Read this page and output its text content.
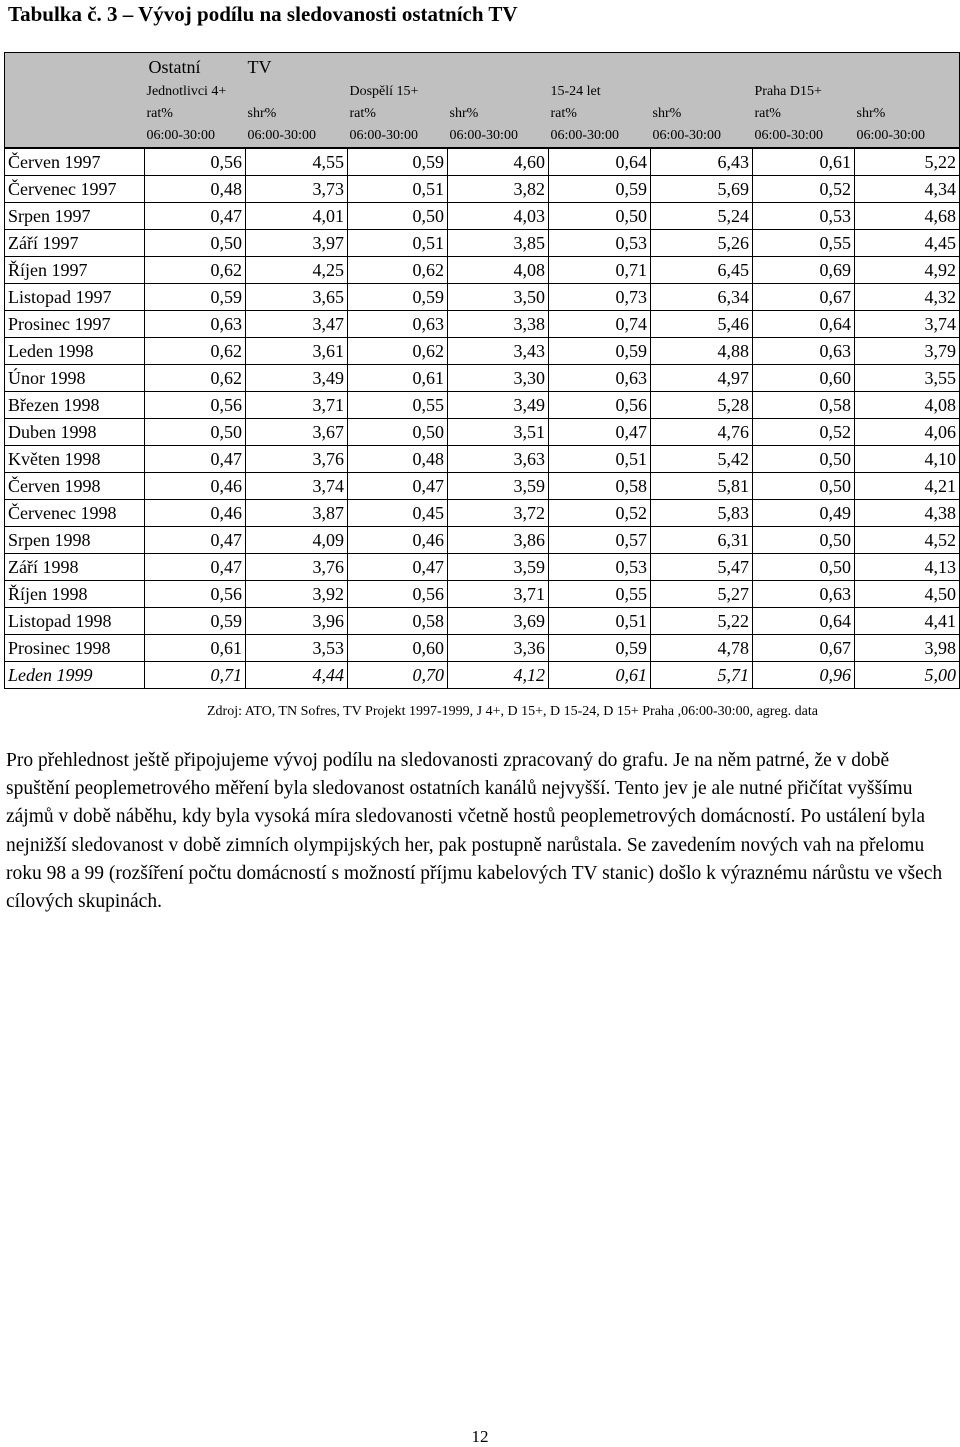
Tabulka č. 3 – Vývoj podílu na sledovanosti ostatních TV
	Ostatní	TV						
	Jednotlivci 4+		Dospělí 15+		15-24 let		Praha D15+	
	rat%	shr%	rat%	shr%	rat%	shr%	rat%	shr%
	06:00-30:00	06:00-30:00	06:00-30:00	06:00-30:00	06:00-30:00	06:00-30:00	06:00-30:00	06:00-30:00
Červen 1997	0,56	4,55	0,59	4,60	0,64	6,43	0,61	5,22
Červenec 1997	0,48	3,73	0,51	3,82	0,59	5,69	0,52	4,34
Srpen 1997	0,47	4,01	0,50	4,03	0,50	5,24	0,53	4,68
Září 1997	0,50	3,97	0,51	3,85	0,53	5,26	0,55	4,45
Říjen 1997	0,62	4,25	0,62	4,08	0,71	6,45	0,69	4,92
Listopad 1997	0,59	3,65	0,59	3,50	0,73	6,34	0,67	4,32
Prosinec 1997	0,63	3,47	0,63	3,38	0,74	5,46	0,64	3,74
Leden 1998	0,62	3,61	0,62	3,43	0,59	4,88	0,63	3,79
Únor 1998	0,62	3,49	0,61	3,30	0,63	4,97	0,60	3,55
Březen 1998	0,56	3,71	0,55	3,49	0,56	5,28	0,58	4,08
Duben 1998	0,50	3,67	0,50	3,51	0,47	4,76	0,52	4,06
Květen 1998	0,47	3,76	0,48	3,63	0,51	5,42	0,50	4,10
Červen 1998	0,46	3,74	0,47	3,59	0,58	5,81	0,50	4,21
Červenec 1998	0,46	3,87	0,45	3,72	0,52	5,83	0,49	4,38
Srpen 1998	0,47	4,09	0,46	3,86	0,57	6,31	0,50	4,52
Září 1998	0,47	3,76	0,47	3,59	0,53	5,47	0,50	4,13
Říjen 1998	0,56	3,92	0,56	3,71	0,55	5,27	0,63	4,50
Listopad 1998	0,59	3,96	0,58	3,69	0,51	5,22	0,64	4,41
Prosinec 1998	0,61	3,53	0,60	3,36	0,59	4,78	0,67	3,98
Leden 1999	0,71	4,44	0,70	4,12	0,61	5,71	0,96	5,00
Zdroj: ATO, TN Sofres, TV Projekt 1997-1999, J 4+, D 15+, D 15-24, D 15+ Praha ,06:00-30:00, agreg. data
Pro přehlednost ještě připojujeme vývoj podílu na sledovanosti zpracovaný do grafu. Je na něm patrné, že v době spuštění peoplemetrového měření byla sledovanost ostatních kanálů nejvyšší. Tento jev je ale nutné přičítat vyššímu zájmů v době náběhu, kdy byla vysoká míra sledovanosti včetně hostů peoplemetrových domácností. Po ustálení byla nejnižší sledovanost v době zimních olympijských her, pak postupně narůstala. Se zavedením nových vah na přelomu roku 98 a 99 (rozšíření počtu domácností s možností příjmu kabelových TV stanic) došlo k výraznému nárůstu ve všech cílových skupinách.
12
